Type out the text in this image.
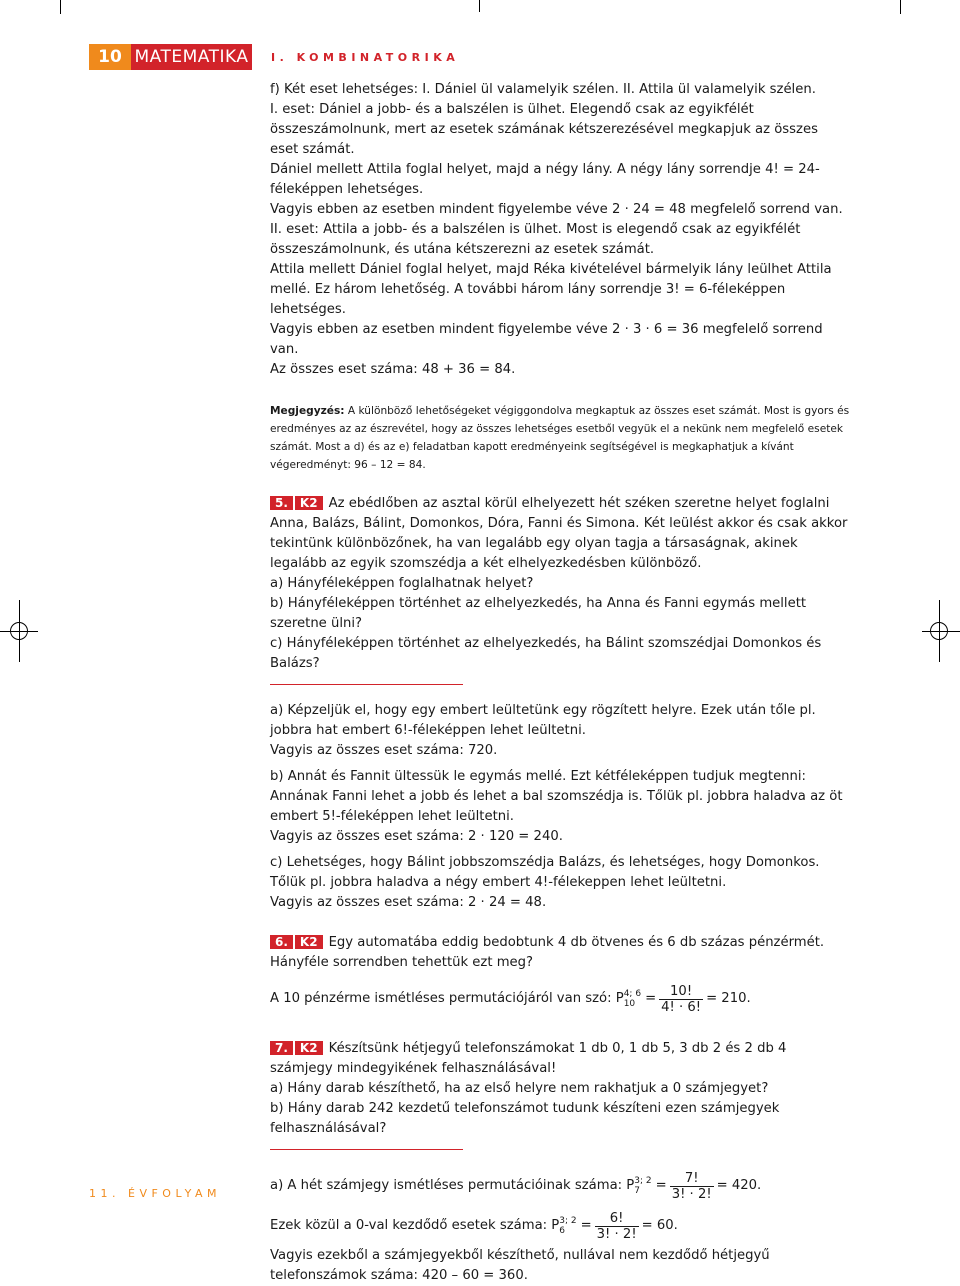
10 MATEMATIKA	I. KOMBINATORIKA

f) Két eset lehetséges: I. Dániel ül valamelyik szélen. II. Attila ül valamelyik szélen.

I. eset: Dániel a jobb- és a balszélen is ülhet. Elegendő csak az egyikfélét összeszámolnunk, mert az esetek számának kétszerezésével megkapjuk az összes eset számát.

Dániel mellett Attila foglal helyet, majd a négy lány. A négy lány sorrendje 4! = 24-féleképpen lehetséges.

Vagyis ebben az esetben mindent figyelembe véve 2 · 24 = 48 megfelelő sorrend van.

II. eset: Attila a jobb- és a balszélen is ülhet. Most is elegendő csak az egyikfélét összeszámolnunk, és utána kétszerezni az esetek számát.

Attila mellett Dániel foglal helyet, majd Réka kivételével bármelyik lány leülhet Attila mellé. Ez három lehetőség. A további három lány sorrendje 3! = 6-féleképpen lehetséges.

Vagyis ebben az esetben mindent figyelembe véve 2 · 3 · 6 = 36 megfelelő sorrend van.

Az összes eset száma: 48 + 36 = 84.

Megjegyzés: A különböző lehetőségeket végiggondolva megkaptuk az összes eset számát. Most is gyors és eredményes az az észrevétel, hogy az összes lehetséges esetből vegyük el a nekünk nem megfelelő esetek számát. Most a d) és az e) feladatban kapott eredményeink segítségével is megkaphatjuk a kívánt végeredményt: 96 – 12 = 84.

5. K2 Az ebédlőben az asztal körül elhelyezett hét széken szeretne helyet foglalni Anna, Balázs, Bálint, Domonkos, Dóra, Fanni és Simona. Két leülést akkor és csak akkor tekintünk különbözőnek, ha van legalább egy olyan tagja a társaságnak, akinek legalább az egyik szomszédja a két elhelyezkedésben különböző.

a) Hányféleképpen foglalhatnak helyet?

b) Hányféleképpen történhet az elhelyezkedés, ha Anna és Fanni egymás mellett szeretne ülni?

c) Hányféleképpen történhet az elhelyezkedés, ha Bálint szomszédjai Domonkos és Balázs?

a) Képzeljük el, hogy egy embert leültetünk egy rögzített helyre. Ezek után tőle pl. jobbra hat embert 6!-féleképpen lehet leültetni.

Vagyis az összes eset száma: 720.

b) Annát és Fannit ültessük le egymás mellé. Ezt kétféleképpen tudjuk megtenni: Annának Fanni lehet a jobb és lehet a bal szomszédja is. Tőlük pl. jobbra haladva az öt embert 5!-féleképpen lehet leültetni.

Vagyis az összes eset száma: 2 · 120 = 240.

c) Lehetséges, hogy Bálint jobbszomszédja Balázs, és lehetséges, hogy Domonkos. Tőlük pl. jobbra haladva a négy embert 4!-félekeppen lehet leültetni.

Vagyis az összes eset száma: 2 · 24 = 48.

6. K2 Egy automatába eddig bedobtunk 4 db ötvenes és 6 db százas pénzérmét. Hányféle sorrendben tehettük ezt meg?

A 10 pénzérme ismétléses permutációjáról van szó: P 4; 6
$10 = \frac{10!}{4! \cdot 6!} = 210$.

7. K2 Készítsünk hétjegyű telefonszámokat 1 db 0, 1 db 5, 3 db 2 és 2 db 4 számjegy mindegyikének felhasználásával!

a) Hány darab készíthető, ha az első helyre nem rakhatjuk a 0 számjegyet?

b) Hány darab 242 kezdetű telefonszámot tudunk készíteni ezen számjegyek felhasználásával?

a) A hét számjegy ismétléses permutációinak száma: P 3; 2
7	= $\frac{7!}{3! \cdot 2!} = 420$.
Ezek közül a 0-val kezdődő esetek száma: P 3; 2
6	= $\frac{6!}{3! \cdot 2!} = 60$.

Vagyis ezekből a számjegyekből készíthető, nullával nem kezdődő hétjegyű telefonszámok száma: 420 – 60 = 360.

11. ÉVFOLYAM
